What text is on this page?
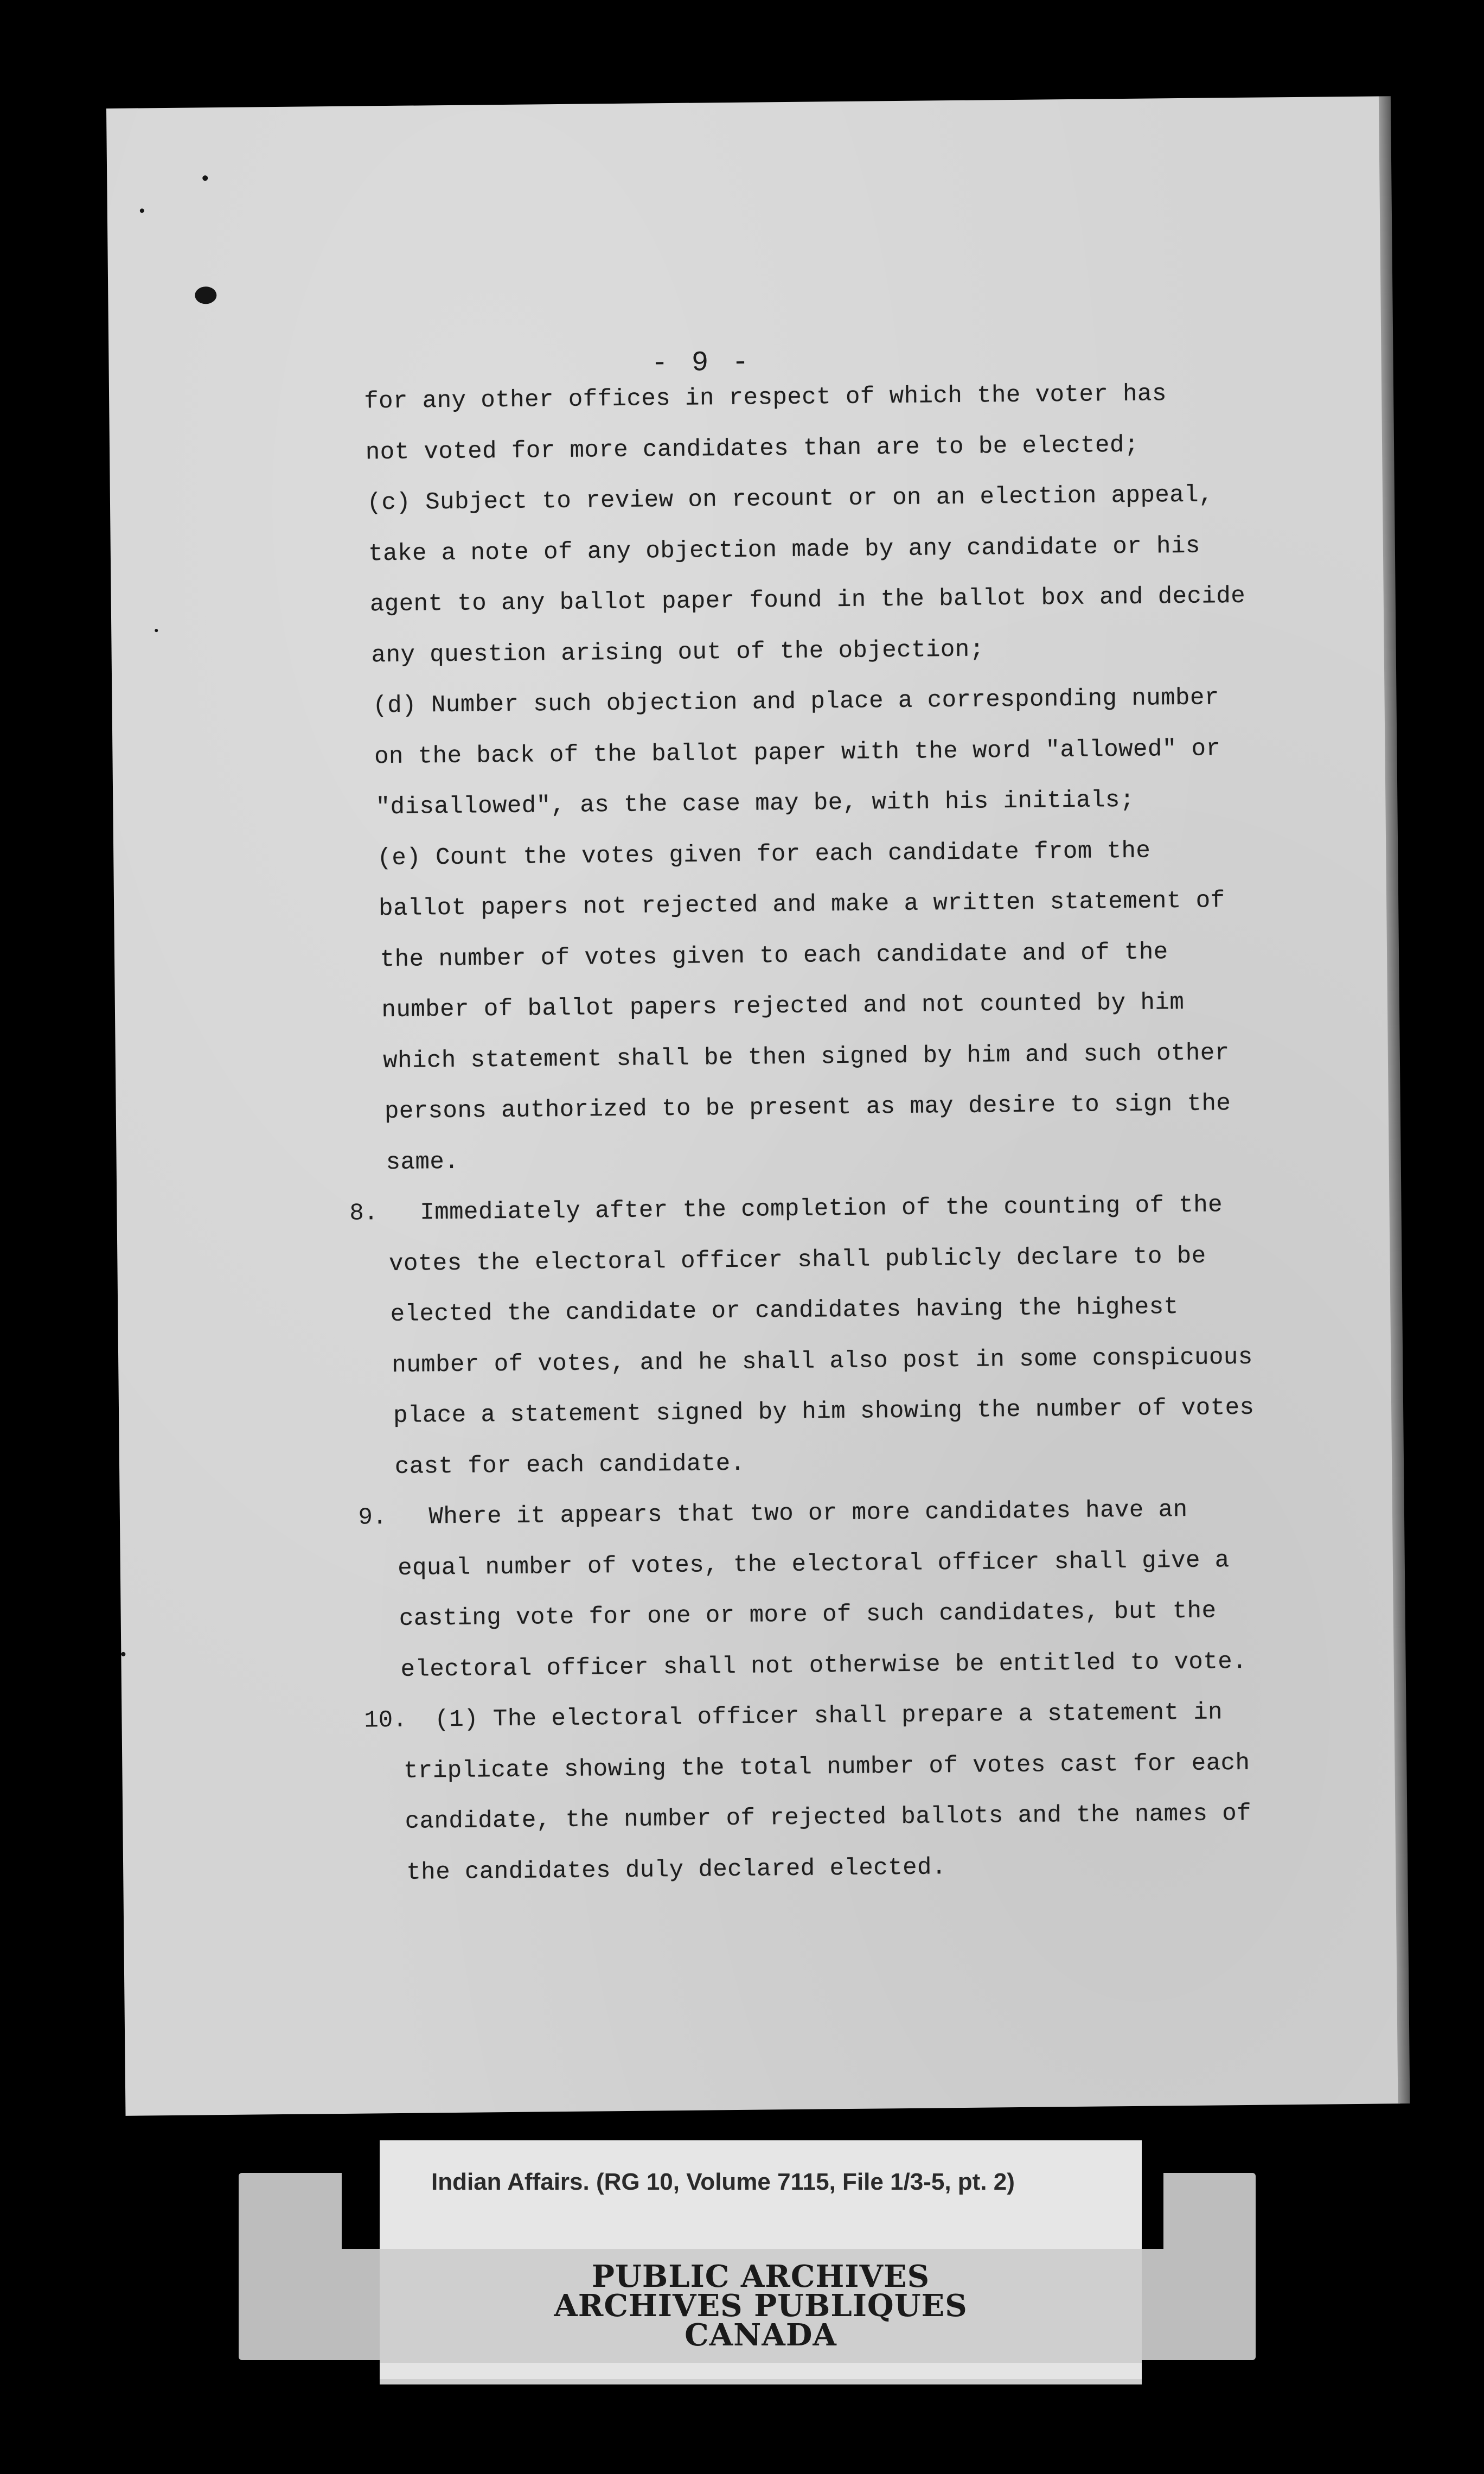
- 9 -
for any other offices in respect of which the voter has
not voted for more candidates than are to be elected;
(c) Subject to review on recount or on an election appeal,
take a note of any objection made by any candidate or his
agent to any ballot paper found in the ballot box and decide
any question arising out of the objection;
(d) Number such objection and place a corresponding number
on the back of the ballot paper with the word "allowed" or
"disallowed", as the case may be, with his initials;
(e) Count the votes given for each candidate from the
ballot papers not rejected and make a written statement of
the number of votes given to each candidate and of the
number of ballot papers rejected and not counted by him
which statement shall be then signed by him and such other
persons authorized to be present as may desire to sign the
same.
8. Immediately after the completion of the counting of the
votes the electoral officer shall publicly declare to be
elected the candidate or candidates having the highest
number of votes, and he shall also post in some conspicuous
place a statement signed by him showing the number of votes
cast for each candidate.
9. Where it appears that two or more candidates have an
equal number of votes, the electoral officer shall give a
casting vote for one or more of such candidates, but the
electoral officer shall not otherwise be entitled to vote.
10. (1) The electoral officer shall prepare a statement in
triplicate showing the total number of votes cast for each
candidate, the number of rejected ballots and the names of
the candidates duly declared elected.
PUBLIC ARCHIVES
ARCHIVES PUBLIQUES
CANADA
Indian Affairs. (RG 10, Volume 7115, File 1/3-5, pt. 2)
